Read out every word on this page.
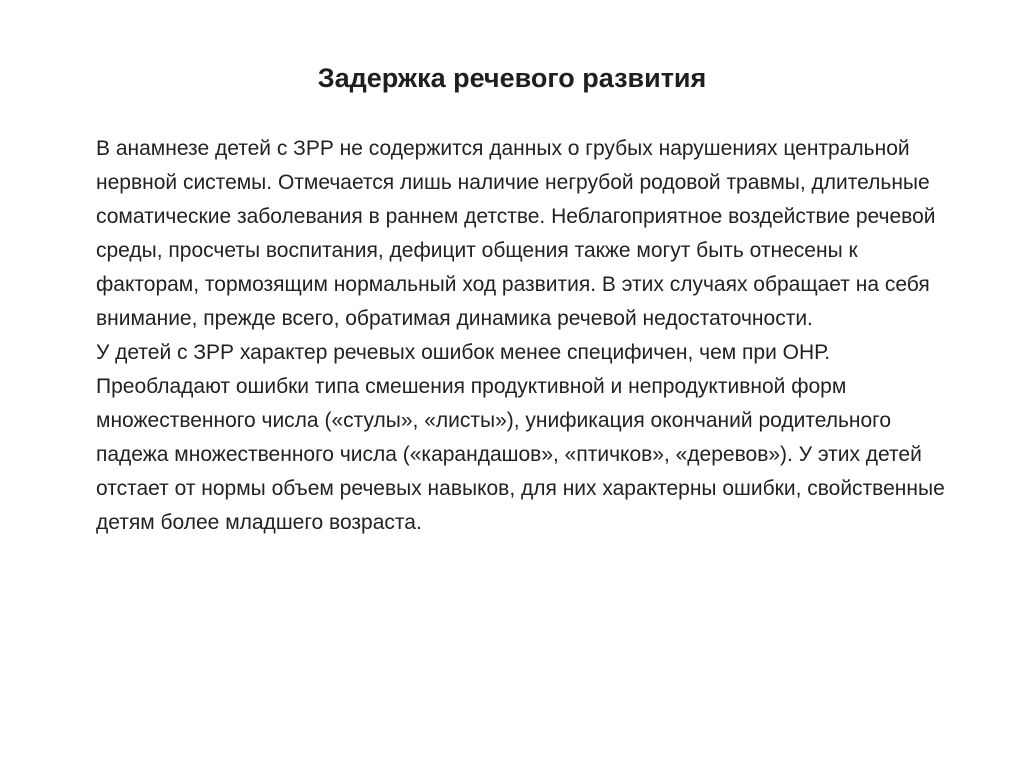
Задержка речевого развития

В анамнезе детей с ЗРР не содержится данных о грубых нарушениях центральной нервной системы. Отмечается лишь наличие негрубой родовой травмы, длительные соматические заболевания в раннем детстве. Неблагоприятное воздействие речевой среды, просчеты воспитания, дефицит общения также могут быть отнесены к факторам, тормозящим нормальный ход развития. В этих случаях обращает на себя внимание, прежде всего, обратимая динамика речевой недостаточности.

У детей с ЗРР характер речевых ошибок менее специфичен, чем при ОНР. Преобладают ошибки типа смешения продуктивной и непродуктивной форм множественного числа («стулы», «листы»), унификация окончаний родительного падежа множественного числа («карандашов», «птичков», «деревов»). У этих детей отстает от нормы объем речевых навыков, для них характерны ошибки, свойственные детям более младшего возраста.
